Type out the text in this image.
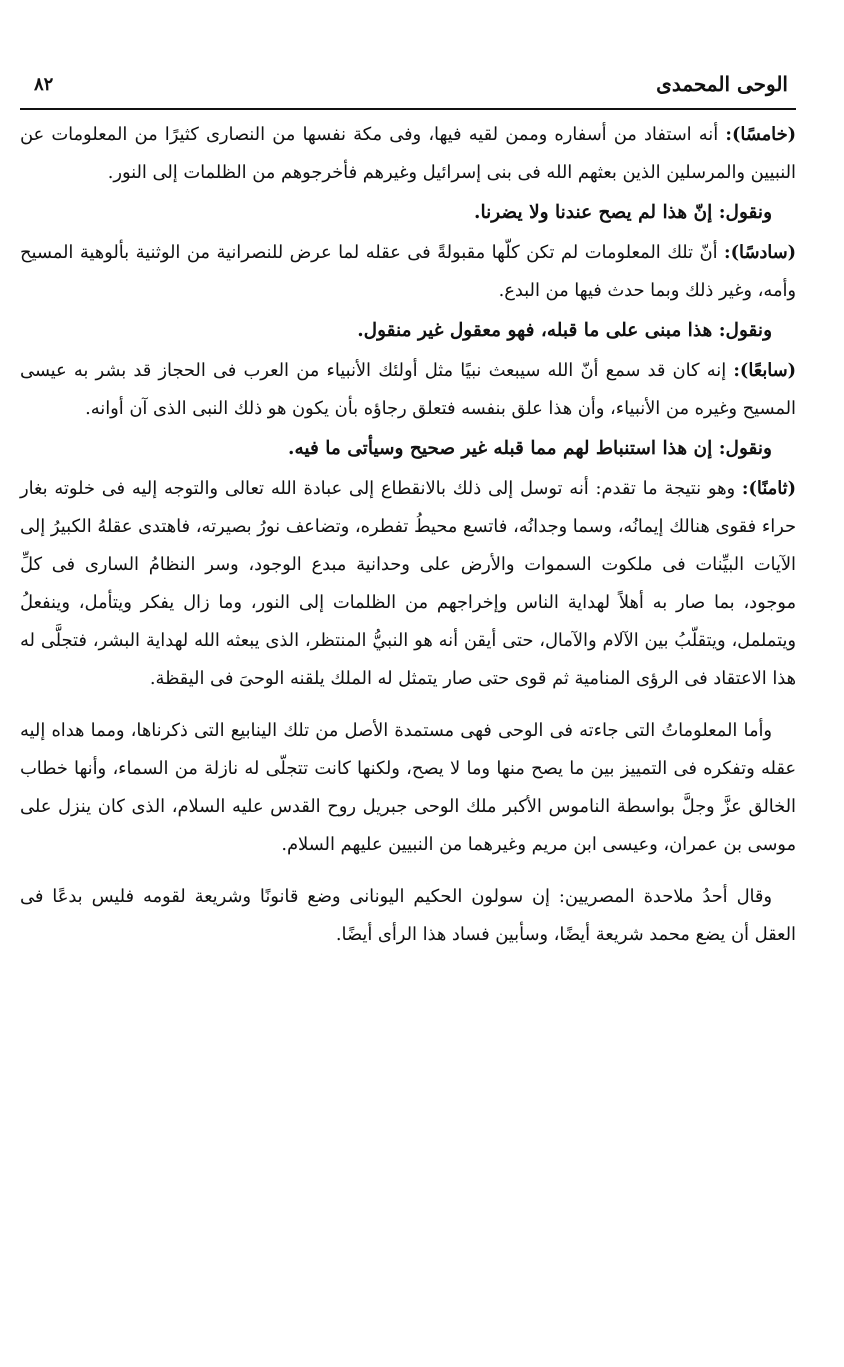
الوحى المحمدى
٨٢

(خامسًا): أنه استفاد من أسفاره وممن لقيه فيها، وفى مكة نفسها من النصارى كثيرًا من المعلومات عن النبيين والمرسلين الذين بعثهم الله فى بنى إسرائيل وغيرهم فأخرجوهم من الظلمات إلى النور.

ونقول: إنّ هذا لم يصح عندنا ولا يضرنا.

(سادسًا): أنّ تلك المعلومات لم تكن كلّها مقبولةً فى عقله لما عرض للنصرانية من الوثنية بألوهية المسيح وأمه، وغير ذلك وبما حدث فيها من البدع.

ونقول: هذا مبنى على ما قبله، فهو معقول غير منقول.

(سابعًا): إنه كان قد سمع أنّ الله سيبعث نبيًا مثل أولئك الأنبياء من العرب فى الحجاز قد بشر به عيسى المسيح وغيره من الأنبياء، وأن هذا علق بنفسه فتعلق رجاؤه بأن يكون هو ذلك النبى الذى آن أوانه.

ونقول: إن هذا استنباط لهم مما قبله غير صحيح وسيأتى ما فيه.

(ثامنًا): وهو نتيجة ما تقدم: أنه توسل إلى ذلك بالانقطاع إلى عبادة الله تعالى والتوجه إليه فى خلوته بغار حراء فقوى هنالك إيمانُه، وسما وجدانُه، فاتسع محيطُ تفطره، وتضاعف نورُ بصيرته، فاهتدى عقلهُ الكبيرُ إلى الآيات البيِّنات فى ملكوت السموات والأرض على وحدانية مبدع الوجود، وسر النظامُ السارى فى كلِّ موجود، بما صار به أهلاً لهداية الناس وإخراجهم من الظلمات إلى النور، وما زال يفكر ويتأمل، وينفعلُ ويتململ، ويتقلّبُ بين الآلام والآمال، حتى أيقن أنه هو النبيُّ المنتظر، الذى يبعثه الله لهداية البشر، فتجلَّى له هذا الاعتقاد فى الرؤى المنامية ثم قوى حتى صار يتمثل له الملك يلقنه الوحىَ فى اليقظة.

وأما المعلوماتُ التى جاءته فى الوحى فهى مستمدة الأصل من تلك الينابيع التى ذكرناها، ومما هداه إليه عقله وتفكره فى التمييز بين ما يصح منها وما لا يصح، ولكنها كانت تتجلّى له نازلة من السماء، وأنها خطاب الخالق عزَّ وجلَّ بواسطة الناموس الأكبر ملك الوحى جبريل روح القدس عليه السلام، الذى كان ينزل على موسى بن عمران، وعيسى ابن مريم وغيرهما من النبيين عليهم السلام.

وقال أحدُ ملاحدة المصريين: إن سولون الحكيم اليونانى وضع قانونًا وشريعة لقومه فليس بدعًا فى العقل أن يضع محمد شريعة أيضًا، وسأبين فساد هذا الرأى أيضًا.
